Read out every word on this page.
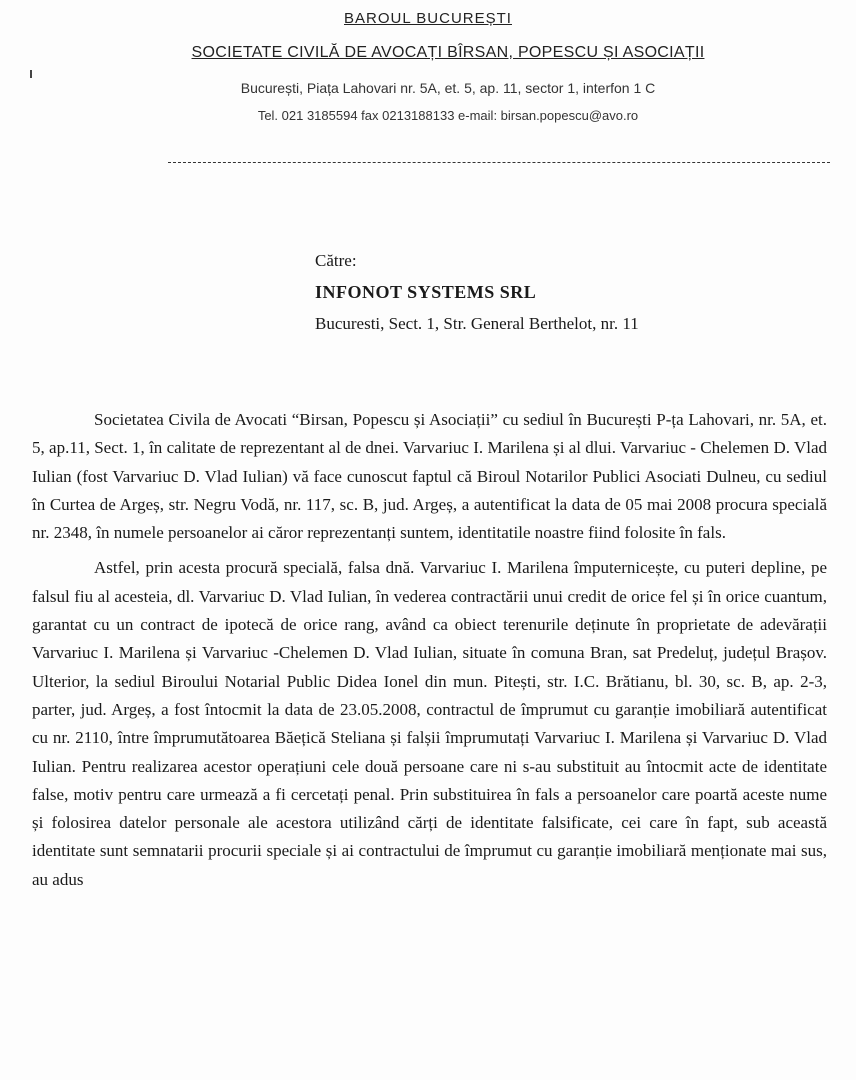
BAROUL BUCUREȘTI
SOCIETATE CIVILĂ DE AVOCAȚI BÎRSAN, POPESCU ȘI ASOCIAȚII
București, Piața Lahovari nr. 5A, et. 5, ap. 11, sector 1, interfon 1 C
Tel. 021 3185594 fax 0213188133 e-mail: birsan.popescu@avo.ro
Către:
INFONOT SYSTEMS SRL
Bucuresti, Sect. 1, Str. General Berthelot, nr. 11

Societatea Civila de Avocati “Birsan, Popescu și Asociații” cu sediul în București P-ța Lahovari, nr. 5A, et. 5, ap.11, Sect. 1, în calitate de reprezentant al de dnei. Varvariuc I. Marilena și al dlui. Varvariuc - Chelemen D. Vlad Iulian (fost Varvariuc D. Vlad Iulian) vă face cunoscut faptul că Biroul Notarilor Publici Asociati Dulneu, cu sediul în Curtea de Argeș, str. Negru Vodă, nr. 117, sc. B, jud. Argeș, a autentificat la data de 05 mai 2008 procura specială nr. 2348, în numele persoanelor ai căror reprezentanți suntem, identitatile noastre fiind folosite în fals.

Astfel, prin acesta procură specială, falsa dnă. Varvariuc I. Marilena împuternicește, cu puteri depline, pe falsul fiu al acesteia, dl. Varvariuc D. Vlad Iulian, în vederea contractării unui credit de orice fel și în orice cuantum, garantat cu un contract de ipotecă de orice rang, având ca obiect terenurile deținute în proprietate de adevărații Varvariuc I. Marilena și Varvariuc -Chelemen D. Vlad Iulian, situate în comuna Bran, sat Predeluț, județul Brașov. Ulterior, la sediul Biroului Notarial Public Didea Ionel din mun. Pitești, str. I.C. Brătianu, bl. 30, sc. B, ap. 2-3, parter, jud. Argeș, a fost întocmit la data de 23.05.2008, contractul de împrumut cu garanție imobiliară autentificat cu nr. 2110, între împrumutătoarea Băețică Steliana și falșii împrumutați Varvariuc I. Marilena și Varvariuc D. Vlad Iulian. Pentru realizarea acestor operațiuni cele două persoane care ni s-au substituit au întocmit acte de identitate false, motiv pentru care urmează a fi cercetați penal. Prin substituirea în fals a persoanelor care poartă aceste nume și folosirea datelor personale ale acestora utilizând cărți de identitate falsificate, cei care în fapt, sub această identitate sunt semnatarii procurii speciale și ai contractului de împrumut cu garanție imobiliară menționate mai sus, au adus
